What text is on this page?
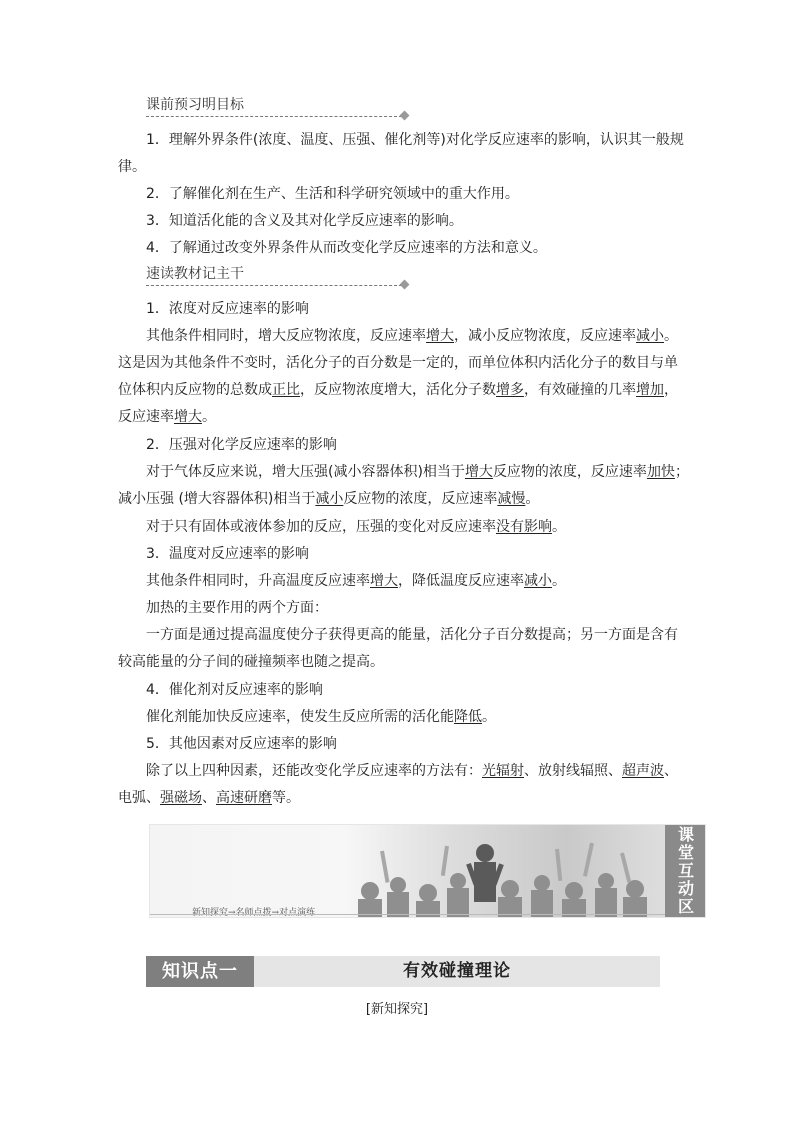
课前预习明目标
1．理解外界条件(浓度、温度、压强、催化剂等)对化学反应速率的影响，认识其一般规
律。
2．了解催化剂在生产、生活和科学研究领域中的重大作用。
3．知道活化能的含义及其对化学反应速率的影响。
4．了解通过改变外界条件从而改变化学反应速率的方法和意义。
速读教材记主干
1．浓度对反应速率的影响
其他条件相同时，增大反应物浓度，反应速率增大，减小反应物浓度，反应速率减小。
这是因为其他条件不变时，活化分子的百分数是一定的，而单位体积内活化分子的数目与单
位体积内反应物的总数成正比，反应物浓度增大，活化分子数增多，有效碰撞的几率增加，
反应速率增大。
2．压强对化学反应速率的影响
对于气体反应来说，增大压强(减小容器体积)相当于增大反应物的浓度，反应速率加快；
减小压强 (增大容器体积)相当于减小反应物的浓度，反应速率减慢。
对于只有固体或液体参加的反应，压强的变化对反应速率没有影响。
3．温度对反应速率的影响
其他条件相同时，升高温度反应速率增大，降低温度反应速率减小。
加热的主要作用的两个方面：
一方面是通过提高温度使分子获得更高的能量，活化分子百分数提高；另一方面是含有
较高能量的分子间的碰撞频率也随之提高。
4．催化剂对反应速率的影响
催化剂能加快反应速率，使发生反应所需的活化能降低。
5．其他因素对反应速率的影响
除了以上四种因素，还能改变化学反应速率的方法有：光辐射、放射线辐照、超声波、
电弧、强磁场、高速研磨等。
新知探究→名师点拨→对点演练	课堂互动区
知识点一	有效碰撞理论
[新知探究]
